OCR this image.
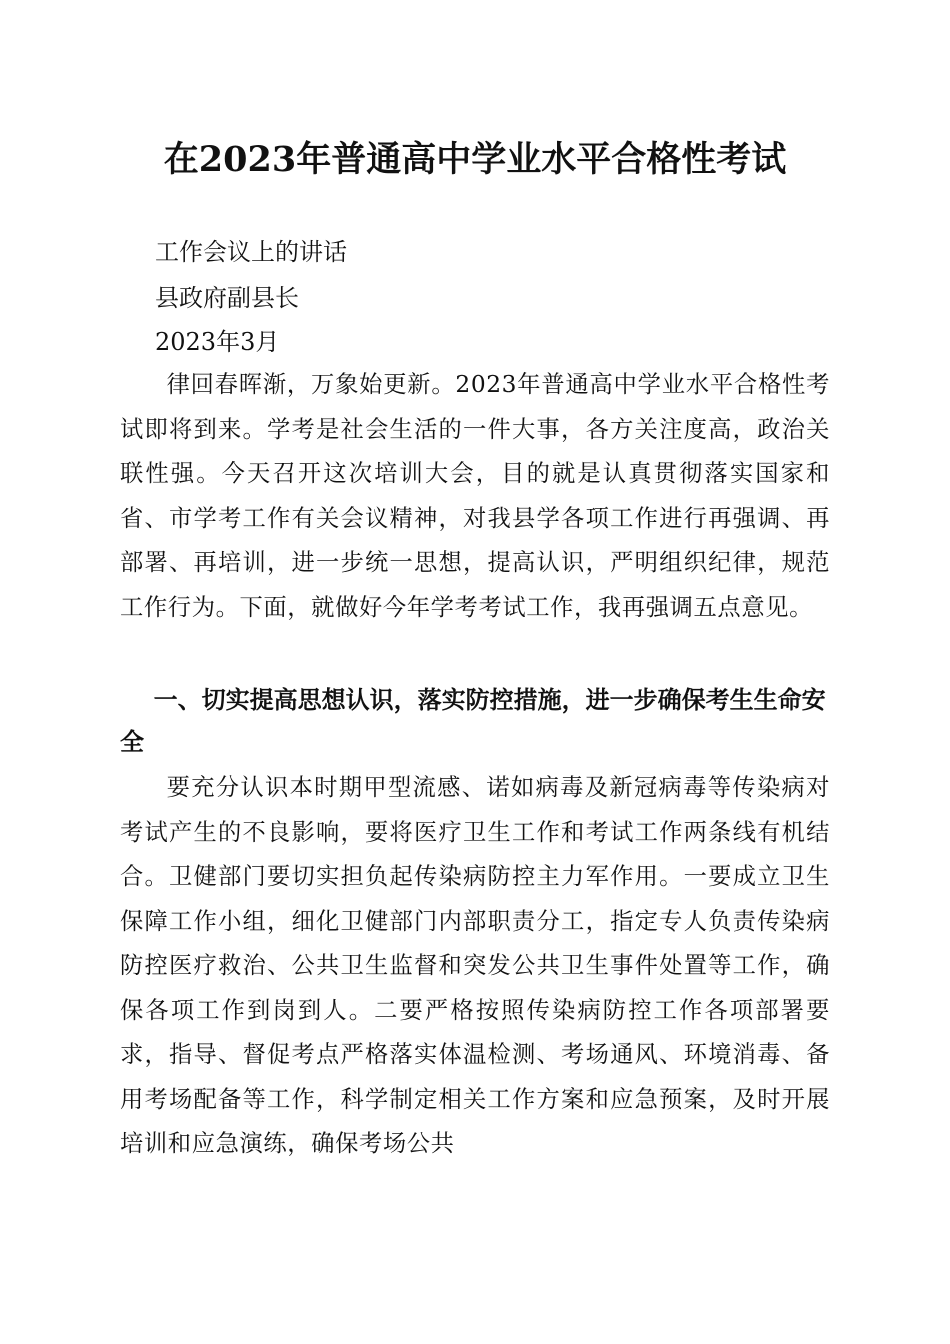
在2023年普通高中学业水平合格性考试
工作会议上的讲话
县政府副县长
2023年3月

律回春晖渐，万象始更新。2023年普通高中学业水平合格性考试即将到来。学考是社会生活的一件大事，各方关注度高，政治关联性强。今天召开这次培训大会，目的就是认真贯彻落实国家和省、市学考工作有关会议精神，对我县学各项工作进行再强调、再部署、再培训，进一步统一思想，提高认识，严明组织纪律，规范工作行为。下面，就做好今年学考考试工作，我再强调五点意见。

一、切实提高思想认识，落实防控措施，进一步确保考生生命安全

要充分认识本时期甲型流感、诺如病毒及新冠病毒等传染病对考试产生的不良影响，要将医疗卫生工作和考试工作两条线有机结合。卫健部门要切实担负起传染病防控主力军作用。一要成立卫生保障工作小组，细化卫健部门内部职责分工，指定专人负责传染病防控医疗救治、公共卫生监督和突发公共卫生事件处置等工作，确保各项工作到岗到人。二要严格按照传染病防控工作各项部署要求，指导、督促考点严格落实体温检测、考场通风、环境消毒、备用考场配备等工作，科学制定相关工作方案和应急预案，及时开展培训和应急演练，确保考场公共
